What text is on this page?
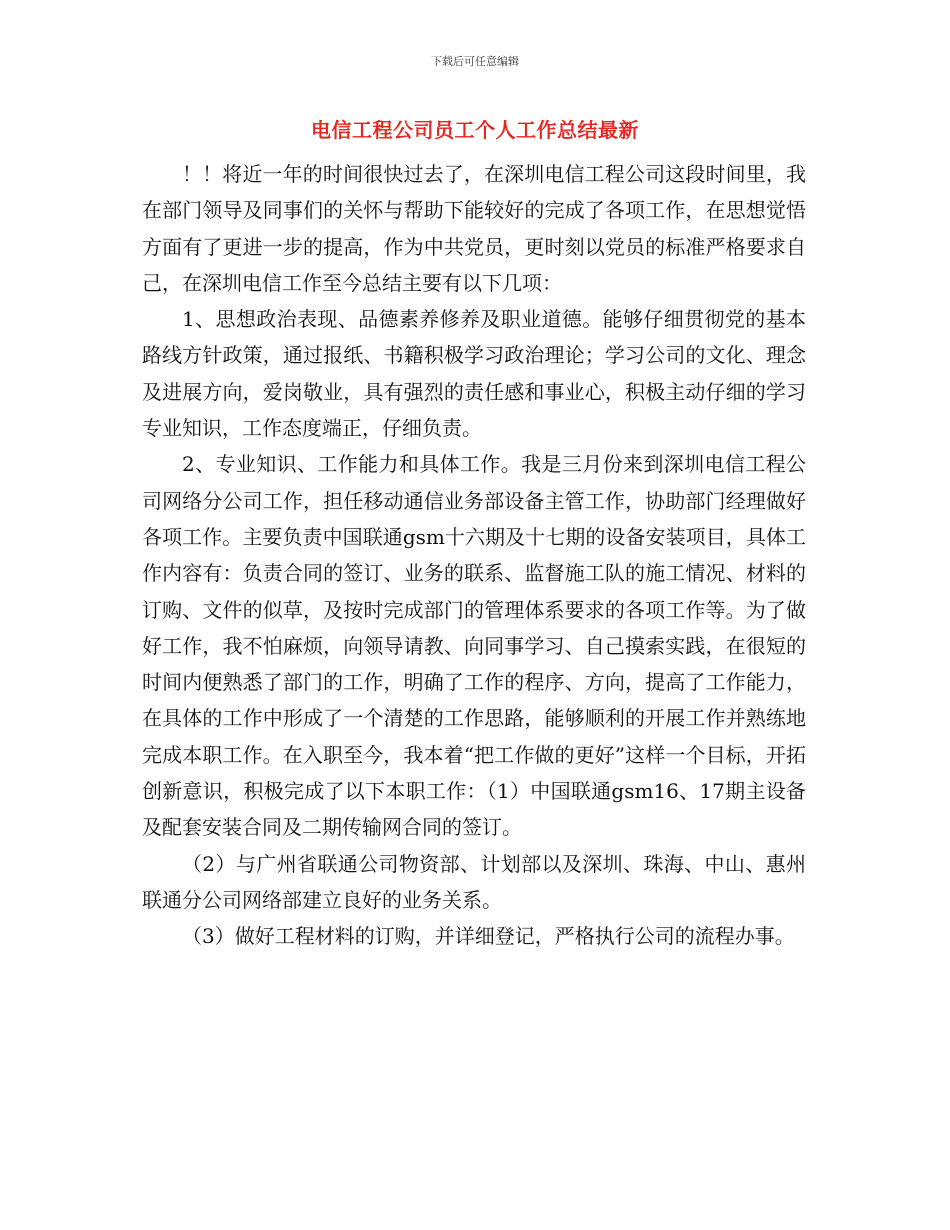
下载后可任意编辑
电信工程公司员工个人工作总结最新

！！将近一年的时间很快过去了，在深圳电信工程公司这段时间里，我在部门领导及同事们的关怀与帮助下能较好的完成了各项工作，在思想觉悟方面有了更进一步的提高，作为中共党员，更时刻以党员的标准严格要求自己，在深圳电信工作至今总结主要有以下几项：

1、思想政治表现、品德素养修养及职业道德。能够仔细贯彻党的基本路线方针政策，通过报纸、书籍积极学习政治理论；学习公司的文化、理念及进展方向，爱岗敬业，具有强烈的责任感和事业心，积极主动仔细的学习专业知识，工作态度端正，仔细负责。

2、专业知识、工作能力和具体工作。我是三月份来到深圳电信工程公司网络分公司工作，担任移动通信业务部设备主管工作，协助部门经理做好各项工作。主要负责中国联通gsm十六期及十七期的设备安装项目，具体工作内容有：负责合同的签订、业务的联系、监督施工队的施工情况、材料的订购、文件的似草，及按时完成部门的管理体系要求的各项工作等。为了做好工作，我不怕麻烦，向领导请教、向同事学习、自己摸索实践，在很短的时间内便熟悉了部门的工作，明确了工作的程序、方向，提高了工作能力，在具体的工作中形成了一个清楚的工作思路，能够顺利的开展工作并熟练地完成本职工作。在入职至今，我本着“把工作做的更好”这样一个目标，开拓创新意识，积极完成了以下本职工作：（1）中国联通gsm16、17期主设备及配套安装合同及二期传输网合同的签订。

（2）与广州省联通公司物资部、计划部以及深圳、珠海、中山、惠州联通分公司网络部建立良好的业务关系。

（3）做好工程材料的订购，并详细登记，严格执行公司的流程办事。
